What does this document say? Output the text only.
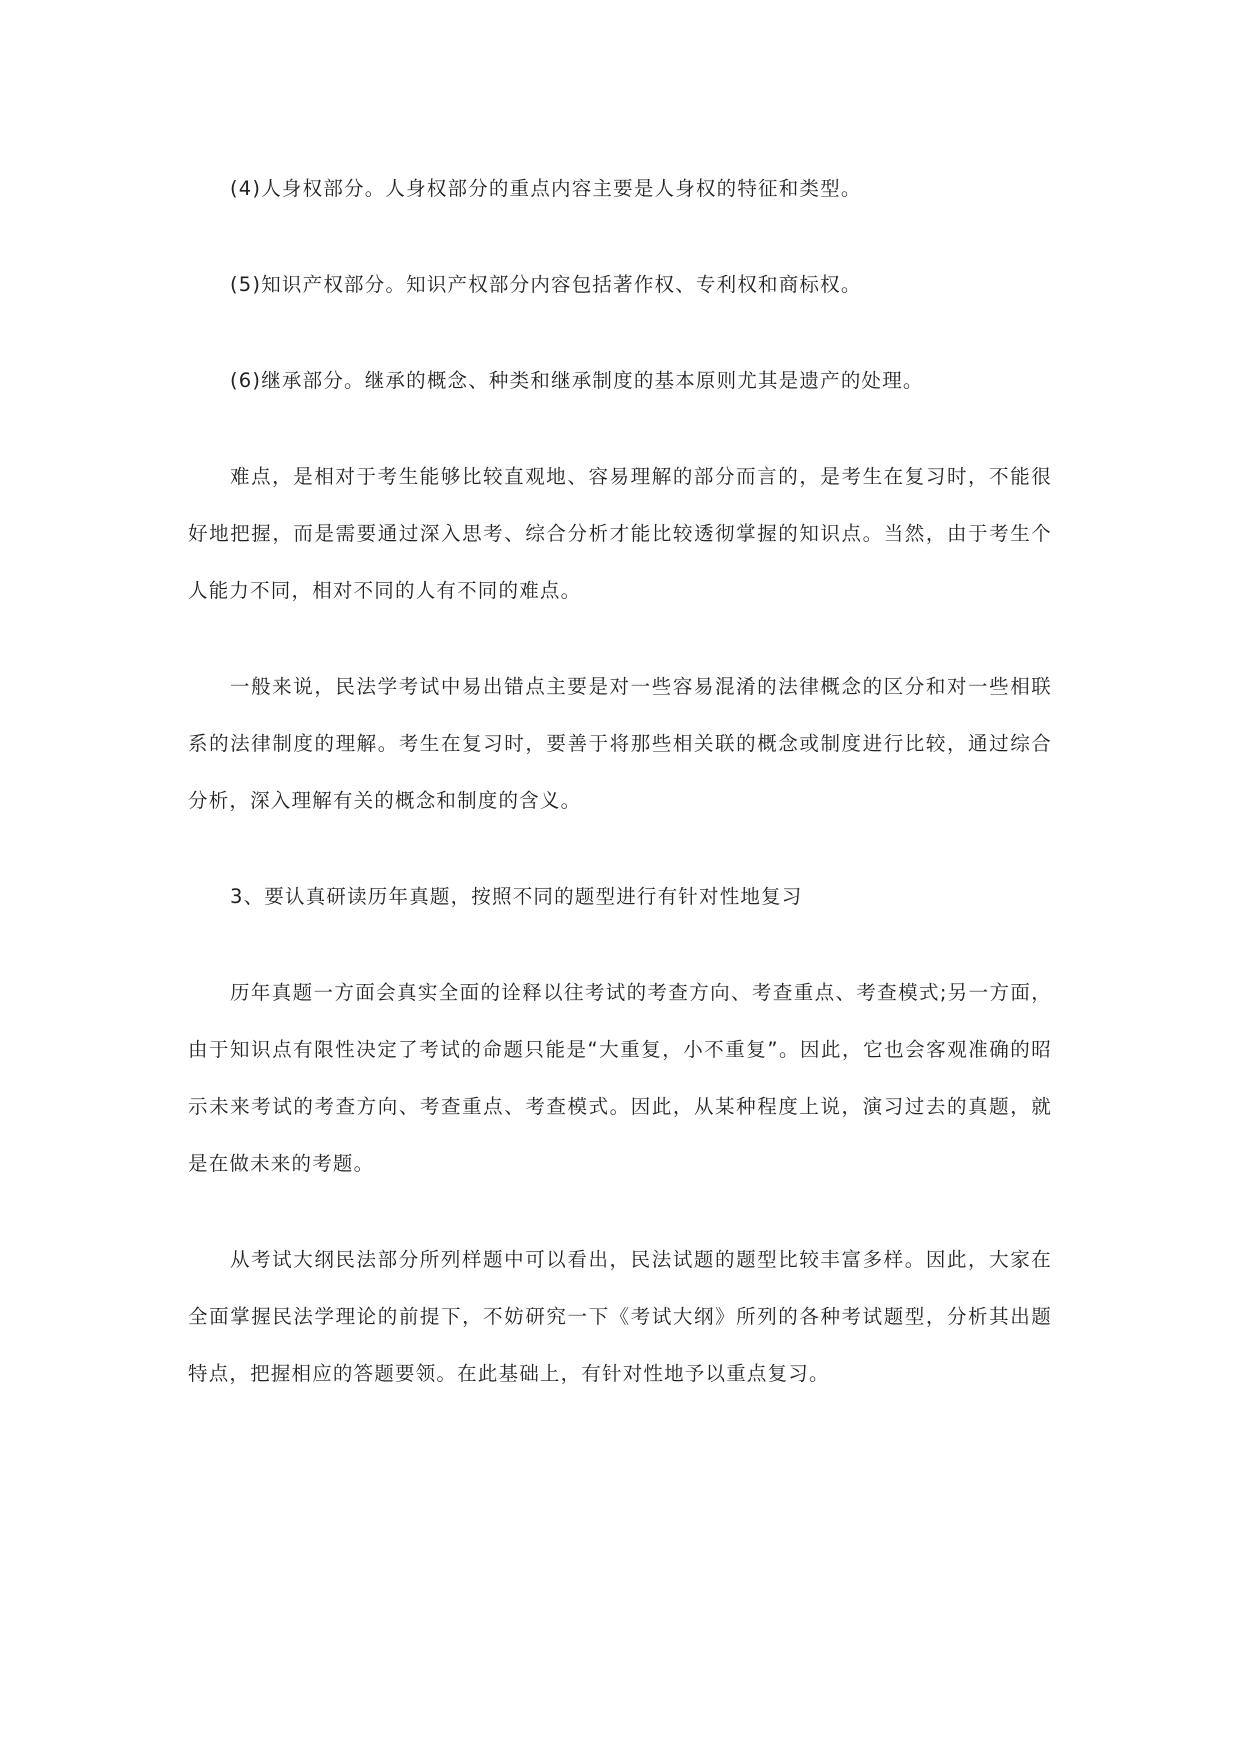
(4)人身权部分。人身权部分的重点内容主要是人身权的特征和类型。

(5)知识产权部分。知识产权部分内容包括著作权、专利权和商标权。

(6)继承部分。继承的概念、种类和继承制度的基本原则尤其是遗产的处理。

难点，是相对于考生能够比较直观地、容易理解的部分而言的，是考生在复习时，不能很好地把握，而是需要通过深入思考、综合分析才能比较透彻掌握的知识点。当然，由于考生个人能力不同，相对不同的人有不同的难点。

一般来说，民法学考试中易出错点主要是对一些容易混淆的法律概念的区分和对一些相联系的法律制度的理解。考生在复习时，要善于将那些相关联的概念或制度进行比较，通过综合分析，深入理解有关的概念和制度的含义。

3、要认真研读历年真题，按照不同的题型进行有针对性地复习

历年真题一方面会真实全面的诠释以往考试的考查方向、考查重点、考查模式;另一方面，由于知识点有限性决定了考试的命题只能是“大重复，小不重复”。因此，它也会客观准确的昭示未来考试的考查方向、考查重点、考查模式。因此，从某种程度上说，演习过去的真题，就是在做未来的考题。

从考试大纲民法部分所列样题中可以看出，民法试题的题型比较丰富多样。因此，大家在全面掌握民法学理论的前提下，不妨研究一下《考试大纲》所列的各种考试题型，分析其出题特点，把握相应的答题要领。在此基础上，有针对性地予以重点复习。
